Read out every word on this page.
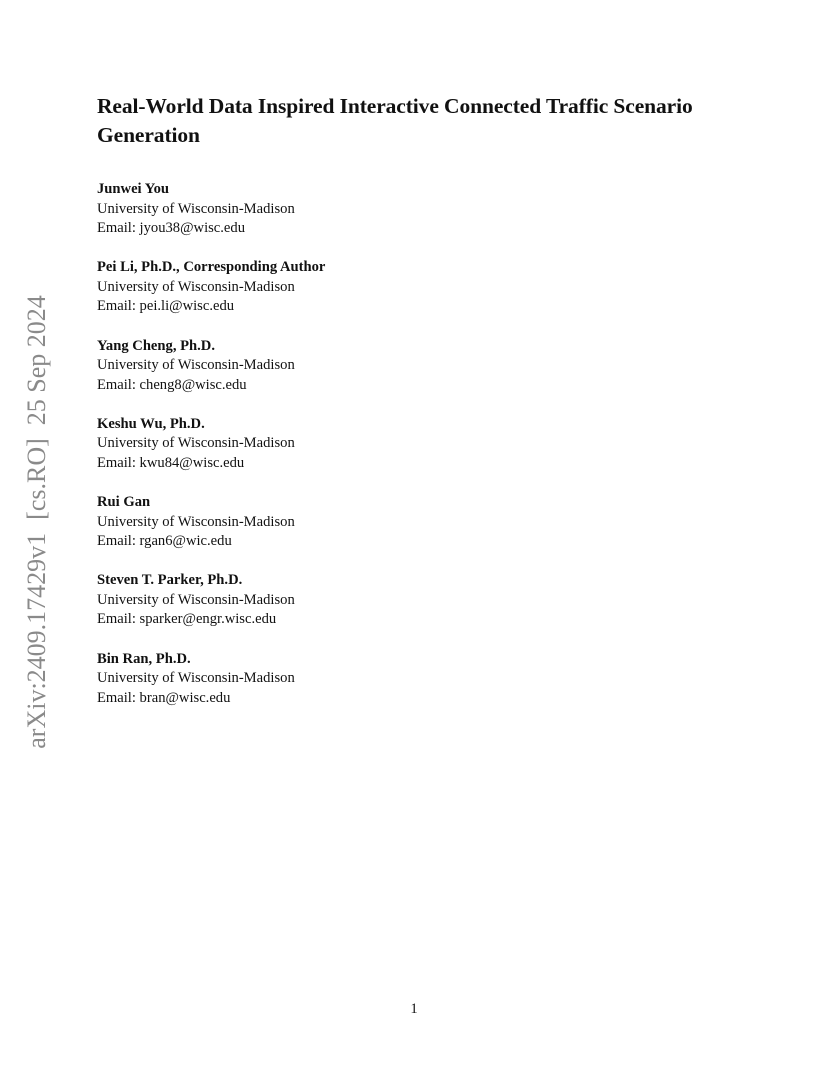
arXiv:2409.17429v1  [cs.RO]  25 Sep 2024
Real-World Data Inspired Interactive Connected Traffic Scenario Generation
Junwei You
University of Wisconsin-Madison
Email: jyou38@wisc.edu
Pei Li, Ph.D., Corresponding Author
University of Wisconsin-Madison
Email: pei.li@wisc.edu
Yang Cheng, Ph.D.
University of Wisconsin-Madison
Email: cheng8@wisc.edu
Keshu Wu, Ph.D.
University of Wisconsin-Madison
Email: kwu84@wisc.edu
Rui Gan
University of Wisconsin-Madison
Email: rgan6@wic.edu
Steven T. Parker, Ph.D.
University of Wisconsin-Madison
Email: sparker@engr.wisc.edu
Bin Ran, Ph.D.
University of Wisconsin-Madison
Email: bran@wisc.edu
1
